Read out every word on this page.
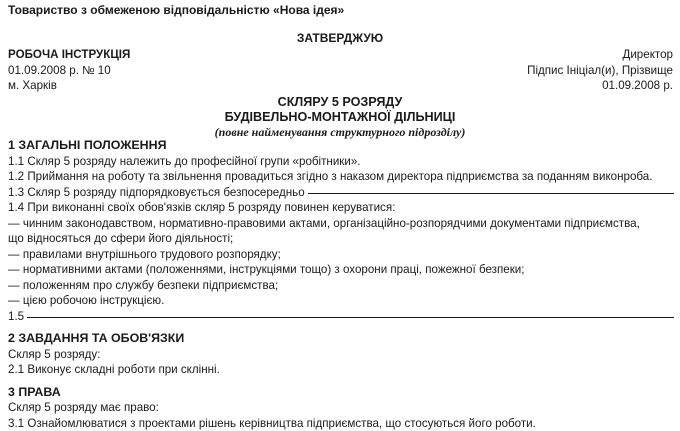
Товариство з обмеженою відповідальністю «Нова ідея»
ЗАТВЕРДЖУЮ
РОБОЧА ІНСТРУКЦІЯ
01.09.2008 р. № 10
м. Харків
Директор
Підпис Ініціал(и), Прізвище
01.09.2008 р.
СКЛЯРУ 5 РОЗРЯДУ
БУДІВЕЛЬНО-МОНТАЖНОЇ ДІЛЬНИЦІ
(повне найменування структурного підрозділу)
1 ЗАГАЛЬНІ ПОЛОЖЕННЯ
1.1 Скляр 5 розряду належить до професійної групи «робітники».
1.2 Приймання на роботу та звільнення провадиться згідно з наказом директора підприємства за поданням виконроба.
1.3 Скляр 5 розряду підпорядковується безпосередньо
1.4 При виконанні своїх обов'язків скляр 5 розряду повинен керуватися:
— чинним законодавством, нормативно-правовими актами, організаційно-розпорядчими документами підприємства,
що відносяться до сфери його діяльності;
— правилами внутрішнього трудового розпорядку;
— нормативними актами (положеннями, інструкціями тощо) з охорони праці, пожежної безпеки;
— положенням про службу безпеки підприємства;
— цією робочою інструкцією.
1.5
2 ЗАВДАННЯ ТА ОБОВ'ЯЗКИ
Скляр 5 розряду:
2.1 Виконує складні роботи при склінні.
3 ПРАВА
Скляр 5 розряду має право:
3.1 Ознайомлюватися з проектами рішень керівництва підприємства, що стосуються його роботи.
